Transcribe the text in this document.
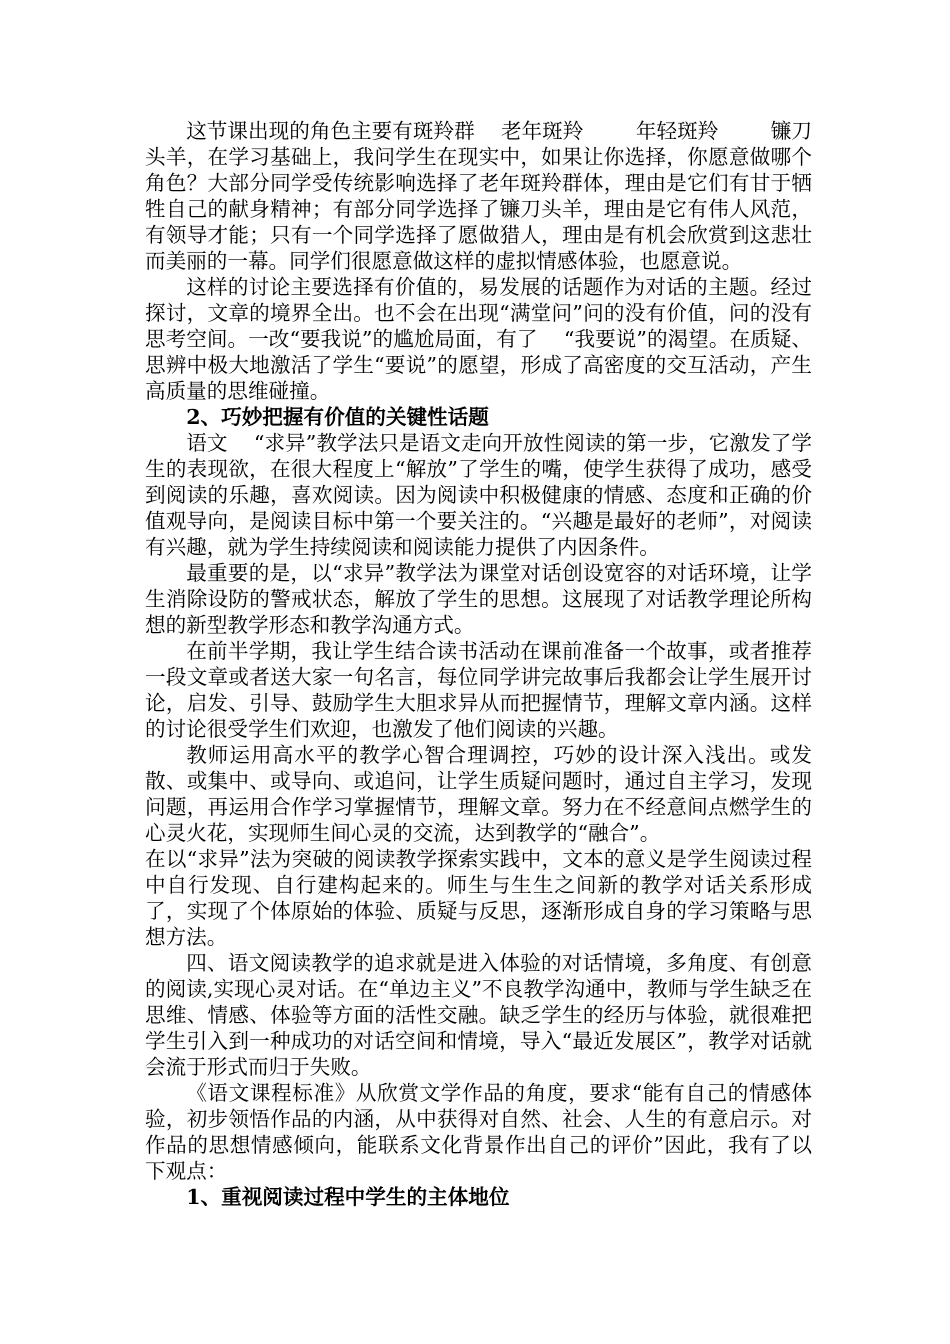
这节课出现的角色主要有斑羚群    老年斑羚        年轻斑羚        镰刀头羊，在学习基础上，我问学生在现实中，如果让你选择，你愿意做哪个角色？大部分同学受传统影响选择了老年斑羚群体，理由是它们有甘于牺牲自己的献身精神；有部分同学选择了镰刀头羊，理由是它有伟人风范，有领导才能；只有一个同学选择了愿做猎人，理由是有机会欣赏到这悲壮而美丽的一幕。同学们很愿意做这样的虚拟情感体验，也愿意说。

这样的讨论主要选择有价值的，易发展的话题作为对话的主题。经过探讨，文章的境界全出。也不会在出现“满堂问”问的没有价值，问的没有思考空间。一改“要我说”的尴尬局面，有了    “我要说”的渴望。在质疑、思辨中极大地激活了学生“要说”的愿望，形成了高密度的交互活动，产生高质量的思维碰撞。

2、巧妙把握有价值的关键性话题

语文    “求异”教学法只是语文走向开放性阅读的第一步，它激发了学生的表现欲，在很大程度上“解放”了学生的嘴，使学生获得了成功，感受到阅读的乐趣，喜欢阅读。因为阅读中积极健康的情感、态度和正确的价值观导向，是阅读目标中第一个要关注的。“兴趣是最好的老师”，对阅读有兴趣，就为学生持续阅读和阅读能力提供了内因条件。

最重要的是，以“求异”教学法为课堂对话创设宽容的对话环境，让学生消除设防的警戒状态，解放了学生的思想。这展现了对话教学理论所构想的新型教学形态和教学沟通方式。

在前半学期，我让学生结合读书活动在课前准备一个故事，或者推荐一段文章或者送大家一句名言，每位同学讲完故事后我都会让学生展开讨论，启发、引导、鼓励学生大胆求异从而把握情节，理解文章内涵。这样的讨论很受学生们欢迎，也激发了他们阅读的兴趣。

教师运用高水平的教学心智合理调控，巧妙的设计深入浅出。或发散、或集中、或导向、或追问，让学生质疑问题时，通过自主学习，发现问题，再运用合作学习掌握情节，理解文章。努力在不经意间点燃学生的心灵火花，实现师生间心灵的交流，达到教学的“融合”。

在以“求异”法为突破的阅读教学探索实践中，文本的意义是学生阅读过程中自行发现、自行建构起来的。师生与生生之间新的教学对话关系形成了，实现了个体原始的体验、质疑与反思，逐渐形成自身的学习策略与思想方法。

四、语文阅读教学的追求就是进入体验的对话情境，多角度、有创意的阅读,实现心灵对话。在“单边主义”不良教学沟通中，教师与学生缺乏在思维、情感、体验等方面的活性交融。缺乏学生的经历与体验，就很难把学生引入到一种成功的对话空间和情境，导入“最近发展区”，教学对话就会流于形式而归于失败。

《语文课程标准》从欣赏文学作品的角度，要求“能有自己的情感体验，初步领悟作品的内涵，从中获得对自然、社会、人生的有意启示。对作品的思想情感倾向，能联系文化背景作出自己的评价”因此，我有了以下观点：

1、重视阅读过程中学生的主体地位
